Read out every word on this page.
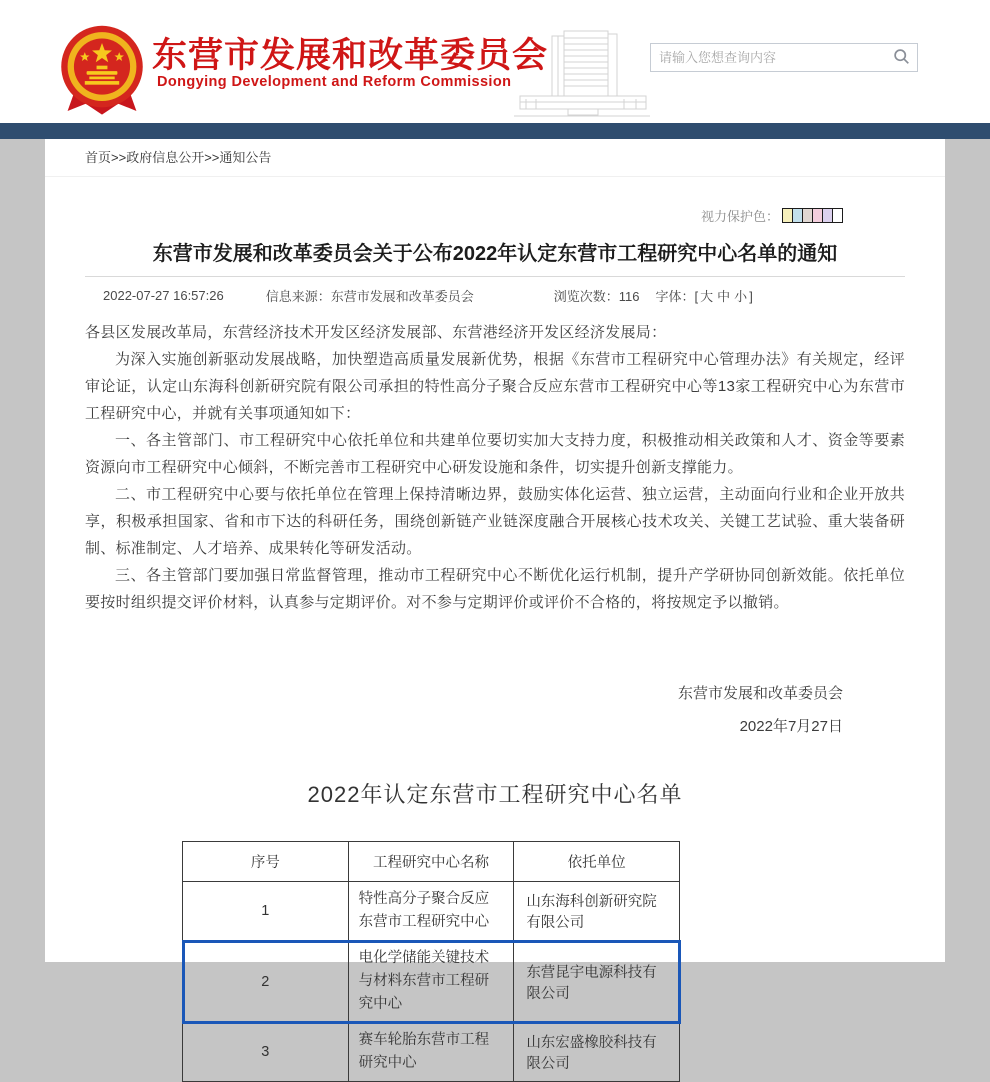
东营市发展和改革委员会
Dongying Development and Reform Commission
请输入您想查询内容
首页>>政府信息公开>>通知公告
视力保护色：
东营市发展和改革委员会关于公布2022年认定东营市工程研究中心名单的通知
2022-07-27 16:57:26	信息来源：东营市发展和改革委员会	浏览次数：116 字体：[ 大 中 小 ]

各县区发展改革局，东营经济技术开发区经济发展部、东营港经济开发区经济发展局：

为深入实施创新驱动发展战略，加快塑造高质量发展新优势，根据《东营市工程研究中心管理办法》有关规定，经评审论证，认定山东海科创新研究院有限公司承担的特性高分子聚合反应东营市工程研究中心等13家工程研究中心为东营市工程研究中心，并就有关事项通知如下：

一、各主管部门、市工程研究中心依托单位和共建单位要切实加大支持力度，积极推动相关政策和人才、资金等要素资源向市工程研究中心倾斜，不断完善市工程研究中心研发设施和条件，切实提升创新支撑能力。

二、市工程研究中心要与依托单位在管理上保持清晰边界，鼓励实体化运营、独立运营，主动面向行业和企业开放共享，积极承担国家、省和市下达的科研任务，围绕创新链产业链深度融合开展核心技术攻关、关键工艺试验、重大装备研制、标准制定、人才培养、成果转化等研发活动。

三、各主管部门要加强日常监督管理，推动市工程研究中心不断优化运行机制，提升产学研协同创新效能。依托单位要按时组织提交评价材料，认真参与定期评价。对不参与定期评价或评价不合格的，将按规定予以撤销。

东营市发展和改革委员会
2022年7月27日
2022年认定东营市工程研究中心名单
序号	工程研究中心名称	依托单位
1	特性高分子聚合反应东营市工程研究中心	山东海科创新研究院有限公司
2	电化学储能关键技术与材料东营市工程研究中心	东营昆宇电源科技有限公司
3	赛车轮胎东营市工程研究中心	山东宏盛橡胶科技有限公司
